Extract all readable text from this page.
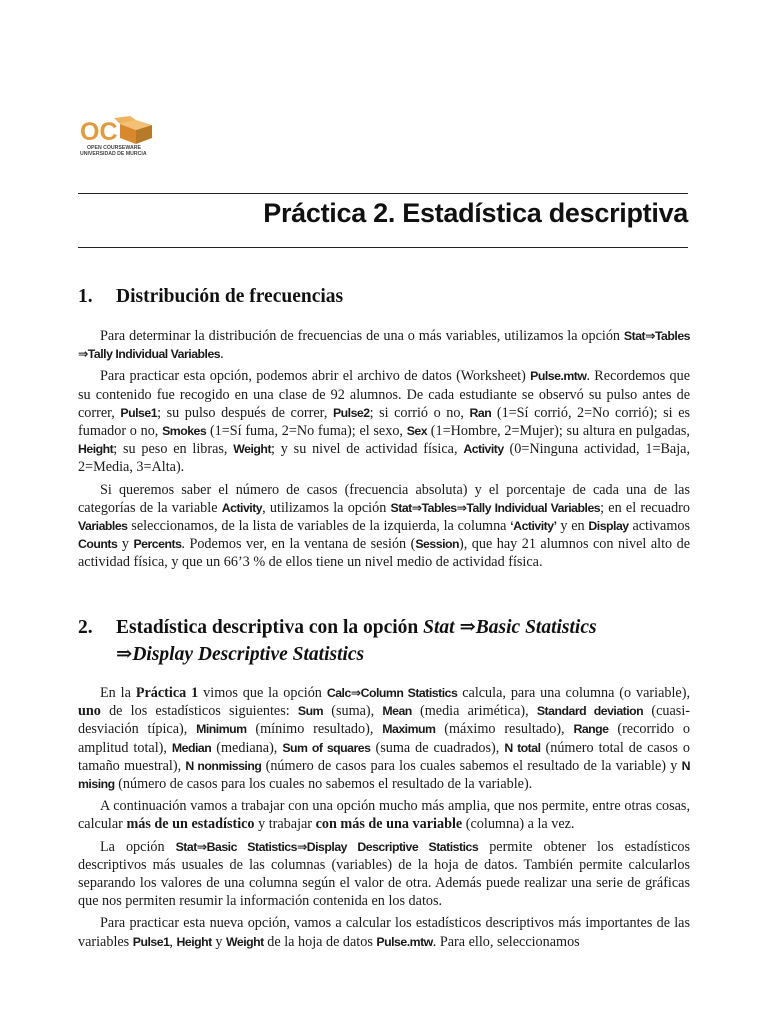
OC
OPEN COURSEWARE
UNIVERSIDAD DE MURCIA
Práctica 2. Estadística descriptiva
1. Distribución de frecuencias

Para determinar la distribución de frecuencias de una o más variables, utilizamos la opción Stat⇒Tables ⇒Tally Individual Variables.

Para practicar esta opción, podemos abrir el archivo de datos (Worksheet) Pulse.mtw. Recordemos que su contenido fue recogido en una clase de 92 alumnos. De cada estudiante se observó su pulso antes de correr, Pulse1; su pulso después de correr, Pulse2; si corrió o no, Ran (1=Sí corrió, 2=No corrió); si es fumador o no, Smokes (1=Sí fuma, 2=No fuma); el sexo, Sex (1=Hombre, 2=Mujer); su altura en pulgadas, Height; su peso en libras, Weight; y su nivel de actividad física, Activity (0=Ninguna actividad, 1=Baja, 2=Media, 3=Alta).

Si queremos saber el número de casos (frecuencia absoluta) y el porcentaje de cada una de las categorías de la variable Activity, utilizamos la opción Stat⇒Tables⇒Tally Individual Variables; en el recuadro Variables seleccionamos, de la lista de variables de la izquierda, la columna ‘Activity’ y en Display activamos Counts y Percents. Podemos ver, en la ventana de sesión (Session), que hay 21 alumnos con nivel alto de actividad física, y que un 66’3 % de ellos tiene un nivel medio de actividad física.

2. Estadística descriptiva con la opción Stat ⇒Basic Statistics
⇒Display Descriptive Statistics

En la Práctica 1 vimos que la opción Calc⇒Column Statistics calcula, para una columna (o variable), uno de los estadísticos siguientes: Sum (suma), Mean (media arimética), Standard deviation (cuasi-desviación típica), Minimum (mínimo resultado), Maximum (máximo resultado), Range (recorrido o amplitud total), Median (mediana), Sum of squares (suma de cuadrados), N total (número total de casos o tamaño muestral), N nonmissing (número de casos para los cuales sabemos el resultado de la variable) y N mising (número de casos para los cuales no sabemos el resultado de la variable).

A continuación vamos a trabajar con una opción mucho más amplia, que nos permite, entre otras cosas, calcular más de un estadístico y trabajar con más de una variable (columna) a la vez.

La opción Stat⇒Basic Statistics⇒Display Descriptive Statistics permite obtener los estadísticos descriptivos más usuales de las columnas (variables) de la hoja de datos. También permite calcularlos separando los valores de una columna según el valor de otra. Además puede realizar una serie de gráficas que nos permiten resumir la información contenida en los datos.

Para practicar esta nueva opción, vamos a calcular los estadísticos descriptivos más importantes de las variables Pulse1, Height y Weight de la hoja de datos Pulse.mtw. Para ello, seleccionamos
